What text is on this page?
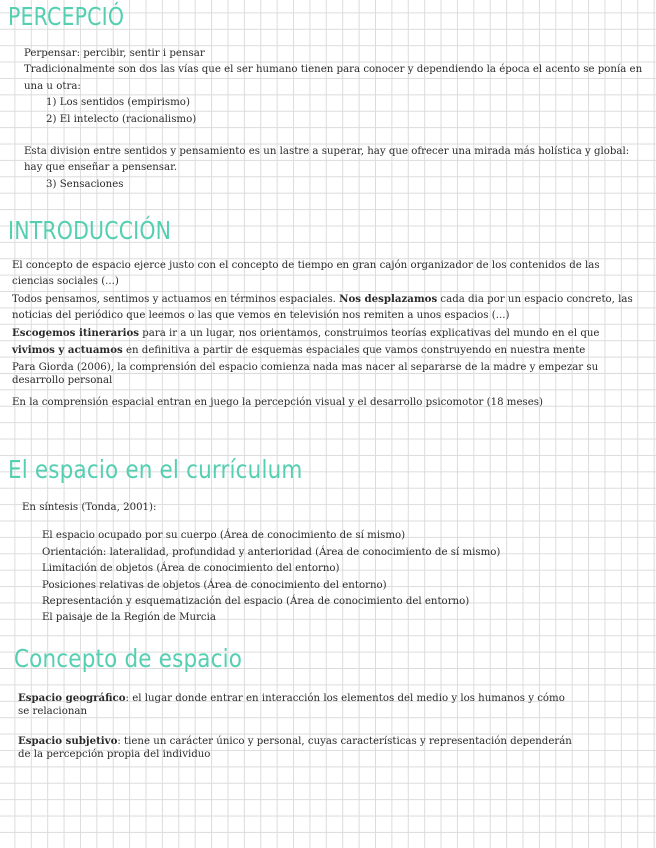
PERCEPCIÓ

Perpensar: percibir, sentir i pensar

Tradicionalmente son dos las vías que el ser humano tienen para conocer y dependiendo la época el acento se ponía en una u otra:

1) Los sentidos (empirismo)
2) El intelecto (racionalismo)

Esta division entre sentidos y pensamiento es un lastre a superar, hay que ofrecer una mirada más holística y global: hay que enseñar a pensensar.

3) Sensaciones

INTRODUCCIÓN

El concepto de espacio ejerce justo con el concepto de tiempo en gran cajón organizador de los contenidos de las ciencias sociales (...)

Todos pensamos, sentimos y actuamos en términos espaciales. Nos desplazamos cada dia por un espacio concreto, las noticias del periódico que leemos o las que vemos en televisión nos remiten a unos espacios (...)

Escogemos itinerarios para ir a un lugar, nos orientamos, construimos teorías explicativas del mundo en el que vivimos y actuamos en definitiva a partir de esquemas espaciales que vamos construyendo en nuestra mente

Para Giorda (2006), la comprensión del espacio comienza nada mas nacer al separarse de la madre y empezar su desarrollo personal

En la comprensión espacial entran en juego la percepción visual y el desarrollo psicomotor (18 meses)

El espacio en el currículum

En síntesis (Tonda, 2001):

El espacio ocupado por su cuerpo (Área de conocimiento de sí mismo)
Orientación: lateralidad, profundidad y anterioridad (Área de conocimiento de sí mismo)
Limitación de objetos (Área de conocimiento del entorno)
Posiciones relativas de objetos (Área de conocimiento del entorno)
Representación y esquematización del espacio (Área de conocimiento del entorno)
El paisaje de la Región de Murcia
Concepto de espacio

Espacio geográfico: el lugar donde entrar en interacción los elementos del medio y los humanos y cómo se relacionan

Espacio subjetivo: tiene un carácter único y personal, cuyas características y representación dependerán de la percepción propia del individuo
